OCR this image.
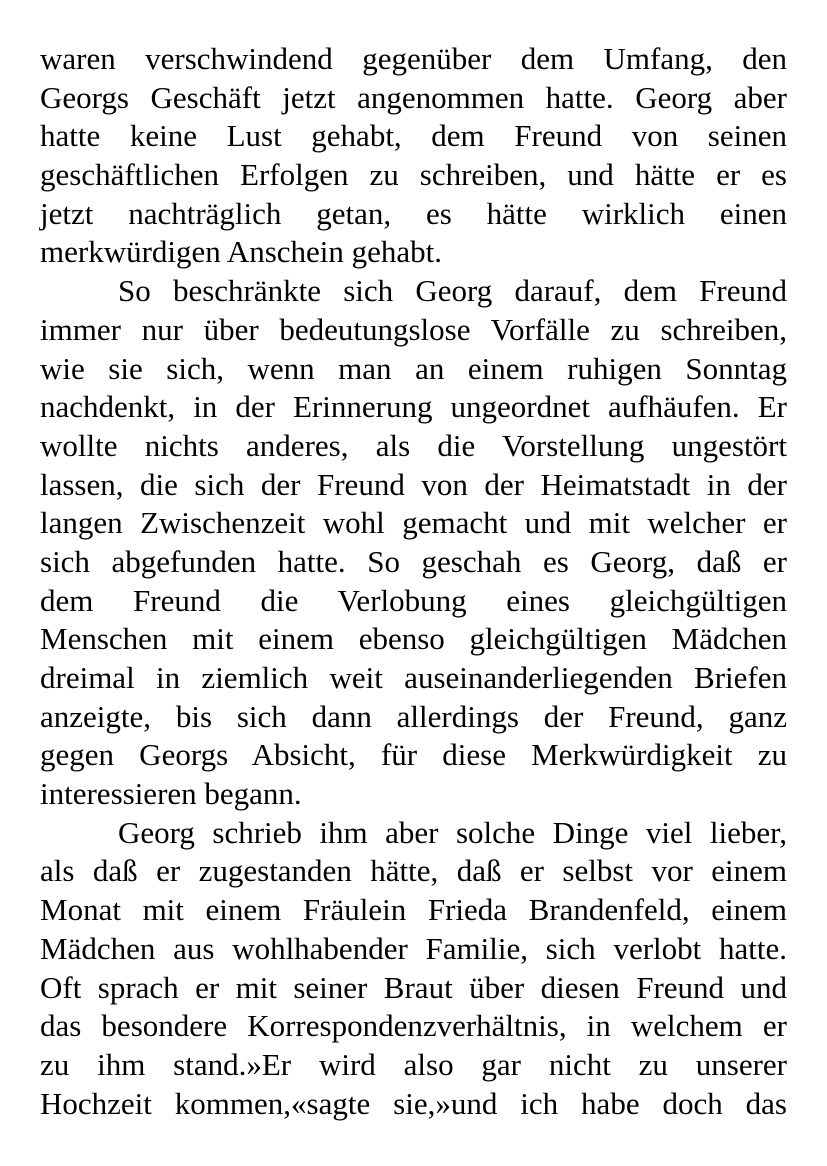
waren verschwindend gegenüber dem Umfang, den
Georgs Geschäft jetzt angenommen hatte. Georg aber
hatte keine Lust gehabt, dem Freund von seinen
geschäftlichen Erfolgen zu schreiben, und hätte er es
jetzt nachträglich getan, es hätte wirklich einen
merkwürdigen Anschein gehabt.
So beschränkte sich Georg darauf, dem Freund
immer nur über bedeutungslose Vorfälle zu schreiben,
wie sie sich, wenn man an einem ruhigen Sonntag
nachdenkt, in der Erinnerung ungeordnet aufhäufen. Er
wollte nichts anderes, als die Vorstellung ungestört
lassen, die sich der Freund von der Heimatstadt in der
langen Zwischenzeit wohl gemacht und mit welcher er
sich abgefunden hatte. So geschah es Georg, daß er
dem Freund die Verlobung eines gleichgültigen
Menschen mit einem ebenso gleichgültigen Mädchen
dreimal in ziemlich weit auseinanderliegenden Briefen
anzeigte, bis sich dann allerdings der Freund, ganz
gegen Georgs Absicht, für diese Merkwürdigkeit zu
interessieren begann.
Georg schrieb ihm aber solche Dinge viel lieber,
als daß er zugestanden hätte, daß er selbst vor einem
Monat mit einem Fräulein Frieda Brandenfeld, einem
Mädchen aus wohlhabender Familie, sich verlobt hatte.
Oft sprach er mit seiner Braut über diesen Freund und
das besondere Korrespondenzverhältnis, in welchem er
zu ihm stand.»Er wird also gar nicht zu unserer
Hochzeit kommen,«sagte sie,»und ich habe doch das
